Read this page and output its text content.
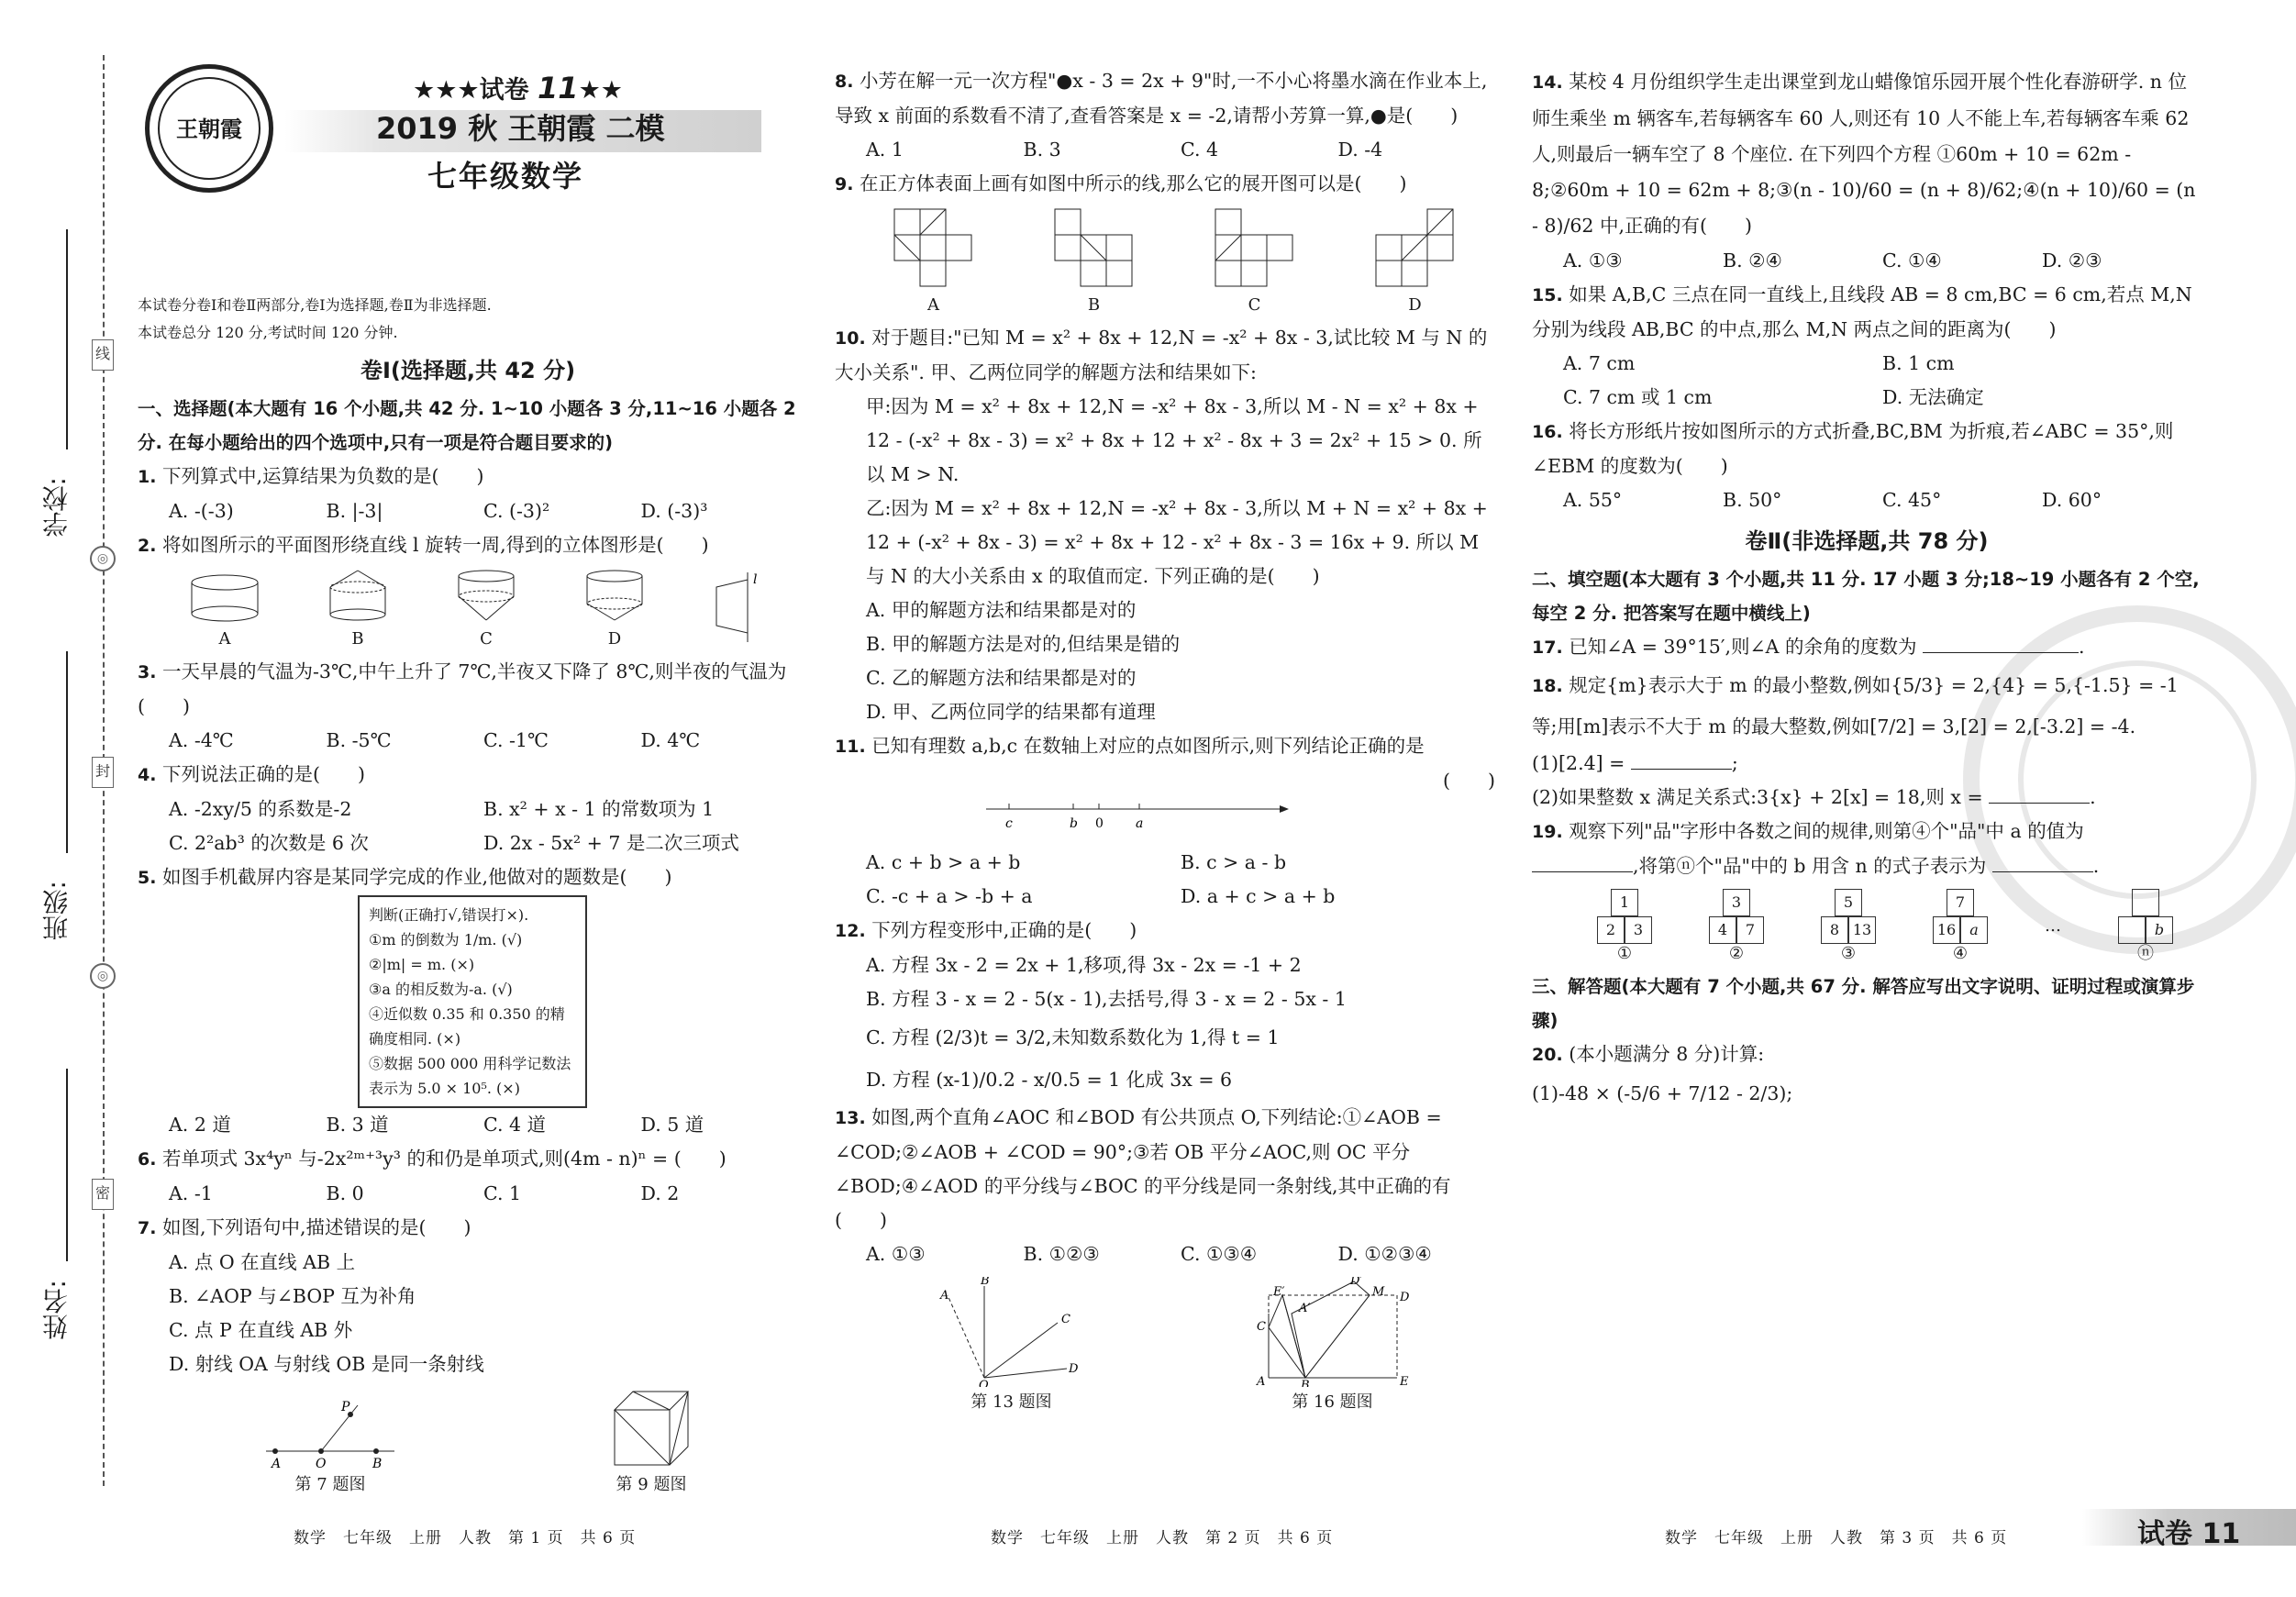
线
◎
封
◎
密
学校:
班级:
姓名:
王朝霞
★★★试卷 11★★
2019 秋 王朝霞 二模
七年级数学
本试卷分卷Ⅰ和卷Ⅱ两部分,卷Ⅰ为选择题,卷Ⅱ为非选择题.
本试卷总分 120 分,考试时间 120 分钟.
卷Ⅰ(选择题,共 42 分)
一、选择题(本大题有 16 个小题,共 42 分. 1~10 小题各 3 分,11~16 小题各 2 分. 在每小题给出的四个选项中,只有一项是符合题目要求的)
1. 下列算式中,运算结果为负数的是(　　)
A. -(-3)	B. |-3|	C. (-3)²	D. (-3)³
2. 将如图所示的平面图形绕直线 l 旋转一周,得到的立体图形是(　　)
A	B	C	D
l
3. 一天早晨的气温为-3℃,中午上升了 7℃,半夜又下降了 8℃,则半夜的气温为(　　)
A. -4℃	B. -5℃	C. -1℃	D. 4℃
4. 下列说法正确的是(　　)
A. -2xy/5 的系数是-2	B. x² + x - 1 的常数项为 1
C. 2²ab³ 的次数是 6 次	D. 2x - 5x² + 7 是二次三项式
5. 如图手机截屏内容是某同学完成的作业,他做对的题数是(　　)
判断(正确打√,错误打×).
①m 的倒数为 1/m. (√)
②|m| = m. (×)
③a 的相反数为-a. (√)
④近似数 0.35 和 0.350 的精确度相同. (×)
⑤数据 500 000 用科学记数法表示为 5.0 × 10⁵. (×)
A. 2 道	B. 3 道	C. 4 道	D. 5 道
6. 若单项式 3x⁴yⁿ 与-2x²ᵐ⁺³y³ 的和仍是单项式,则(4m - n)ⁿ = (　　)
A. -1	B. 0	C. 1	D. 2
7. 如图,下列语句中,描述错误的是(　　)
A. 点 O 在直线 AB 上
B. ∠AOP 与∠BOP 互为补角
C. 点 P 在直线 AB 外
D. 射线 OA 与射线 OB 是同一条射线
A	O	B
P
第 7 题图	第 9 题图
8. 小芳在解一元一次方程"●x - 3 = 2x + 9"时,一不小心将墨水滴在作业本上,导致 x 前面的系数看不清了,查看答案是 x = -2,请帮小芳算一算,●是(　　)
A. 1	B. 3	C. 4	D. -4
9. 在正方体表面上画有如图中所示的线,那么它的展开图可以是(　　)
A	B	C	D
10. 对于题目:"已知 M = x² + 8x + 12,N = -x² + 8x - 3,试比较 M 与 N 的大小关系". 甲、乙两位同学的解题方法和结果如下:
甲:因为 M = x² + 8x + 12,N = -x² + 8x - 3,所以 M - N = x² + 8x + 12 - (-x² + 8x - 3) = x² + 8x + 12 + x² - 8x + 3 = 2x² + 15 > 0. 所以 M > N.
乙:因为 M = x² + 8x + 12,N = -x² + 8x - 3,所以 M + N = x² + 8x + 12 + (-x² + 8x - 3) = x² + 8x + 12 - x² + 8x - 3 = 16x + 9. 所以 M 与 N 的大小关系由 x 的取值而定. 下列正确的是(　　)
A. 甲的解题方法和结果都是对的
B. 甲的解题方法是对的,但结果是错的
C. 乙的解题方法和结果都是对的
D. 甲、乙两位同学的结果都有道理
11. 已知有理数 a,b,c 在数轴上对应的点如图所示,则下列结论正确的是
(　　)
c	b 0	a
A. c + b > a + b	B. c > a - b
C. -c + a > -b + a	D. a + c > a + b
12. 下列方程变形中,正确的是(　　)
A. 方程 3x - 2 = 2x + 1,移项,得 3x - 2x = -1 + 2
B. 方程 3 - x = 2 - 5(x - 1),去括号,得 3 - x = 2 - 5x - 1
C. 方程 (2/3)t = 3/2,未知数系数化为 1,得 t = 1
D. 方程 (x-1)/0.2 - x/0.5 = 1 化成 3x = 6
13. 如图,两个直角∠AOC 和∠BOD 有公共顶点 O,下列结论:①∠AOB = ∠COD;②∠AOB + ∠COD = 90°;③若 OB 平分∠AOC,则 OC 平分∠BOD;④∠AOD 的平分线与∠BOC 的平分线是同一条射线,其中正确的有(　　)
A. ①③	B. ①②③	C. ①③④	D. ①②③④
A
B
C
D
O
第 13 题图
A	B
C
D
E
M
D′
E′
A′
第 16 题图
14. 某校 4 月份组织学生走出课堂到龙山蜡像馆乐园开展个性化春游研学. n 位师生乘坐 m 辆客车,若每辆客车 60 人,则还有 10 人不能上车,若每辆客车乘 62 人,则最后一辆车空了 8 个座位. 在下列四个方程 ①60m + 10 = 62m - 8;②60m + 10 = 62m + 8;③(n - 10)/60 = (n + 8)/62;④(n + 10)/60 = (n - 8)/62 中,正确的有(　　)
A. ①③	B. ②④	C. ①④	D. ②③
15. 如果 A,B,C 三点在同一直线上,且线段 AB = 8 cm,BC = 6 cm,若点 M,N 分别为线段 AB,BC 的中点,那么 M,N 两点之间的距离为(　　)
A. 7 cm	B. 1 cm
C. 7 cm 或 1 cm	D. 无法确定
16. 将长方形纸片按如图所示的方式折叠,BC,BM 为折痕,若∠ABC = 35°,则∠EBM 的度数为(　　)
A. 55°	B. 50°	C. 45°	D. 60°
卷Ⅱ(非选择题,共 78 分)
二、填空题(本大题有 3 个小题,共 11 分. 17 小题 3 分;18~19 小题各有 2 个空,每空 2 分. 把答案写在题中横线上)
17. 已知∠A = 39°15′,则∠A 的余角的度数为	.
18. 规定{m}表示大于 m 的最小整数,例如{5/3} = 2,{4} = 5,{-1.5} = -1 等;用[m]表示不大于 m 的最大整数,例如[7/2] = 3,[2] = 2,[-3.2] = -4.
(1)[2.4] =	;
(2)如果整数 x 满足关系式:3{x} + 2[x] = 18,则 x =	.
19. 观察下列"品"字形中各数之间的规律,则第④个"品"中 a 的值为
,将第ⓝ个"品"中的 b 用含 n 的式子表示为	.
1
2	3
①
3
4	7
②
5
8 13
③
7
16 a
④
…	b
ⓝ
三、解答题(本大题有 7 个小题,共 67 分. 解答应写出文字说明、证明过程或演算步骤)
20. (本小题满分 8 分)计算:
(1)-48 × (-5/6 + 7/12 - 2/3);
数学　七年级　上册　人教　第 1 页　共 6 页	数学　七年级　上册　人教　第 2 页　共 6 页	数学　七年级　上册　人教　第 3 页　共 6 页	试卷 11
